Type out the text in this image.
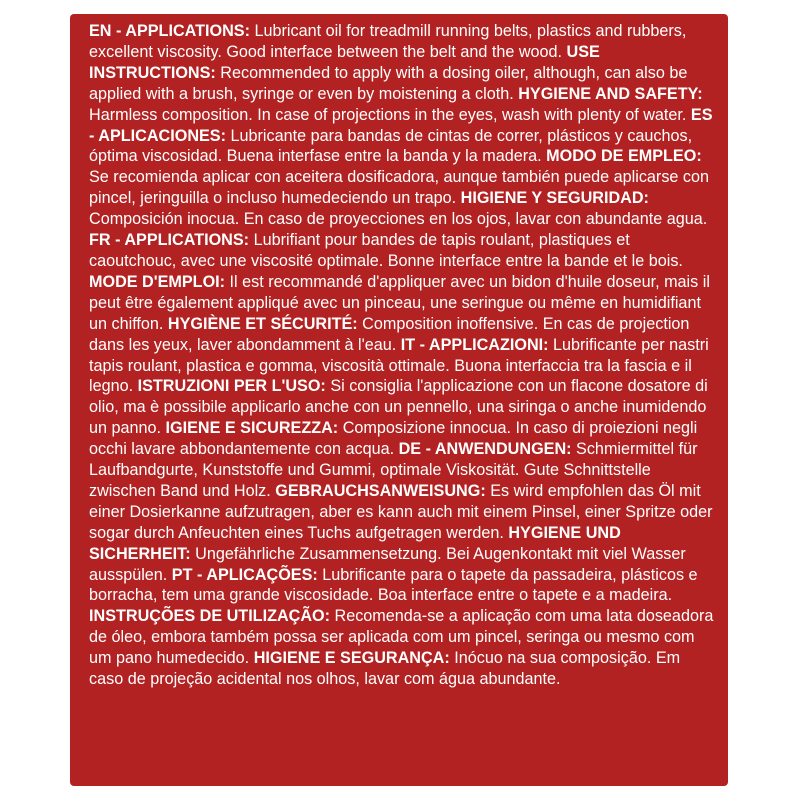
EN - APPLICATIONS: Lubricant oil for treadmill running belts, plastics and rubbers, excellent viscosity. Good interface between the belt and the wood. USE INSTRUCTIONS: Recommended to apply with a dosing oiler, although, can also be applied with a brush, syringe or even by moistening a cloth. HYGIENE AND SAFETY: Harmless composition. In case of projections in the eyes, wash with plenty of water. ES - APLICACIONES: Lubricante para bandas de cintas de correr, plásticos y cauchos, óptima viscosidad. Buena interfase entre la banda y la madera. MODO DE EMPLEO: Se recomienda aplicar con aceitera dosificadora, aunque también puede aplicarse con pincel, jeringuilla o incluso humedeciendo un trapo. HIGIENE Y SEGURIDAD: Composición inocua. En caso de proyecciones en los ojos, lavar con abundante agua. FR - APPLICATIONS: Lubrifiant pour bandes de tapis roulant, plastiques et caoutchouc, avec une viscosité optimale. Bonne interface entre la bande et le bois. MODE D'EMPLOI: Il est recommandé d'appliquer avec un bidon d'huile doseur, mais il peut être également appliqué avec un pinceau, une seringue ou même en humidifiant un chiffon. HYGIÈNE ET SÉCURITÉ: Composition inoffensive. En cas de projection dans les yeux, laver abondamment à l'eau. IT - APPLICAZIONI: Lubrificante per nastri tapis roulant, plastica e gomma, viscosità ottimale. Buona interfaccia tra la fascia e il legno. ISTRUZIONI PER L'USO: Si consiglia l'applicazione con un flacone dosatore di olio, ma è possibile applicarlo anche con un pennello, una siringa o anche inumidendo un panno. IGIENE E SICUREZZA: Composizione innocua. In caso di proiezioni negli occhi lavare abbondantemente con acqua. DE - ANWENDUNGEN: Schmiermittel für Laufbandgurte, Kunststoffe und Gummi, optimale Viskosität. Gute Schnittstelle zwischen Band und Holz. GEBRAUCHSANWEISUNG: Es wird empfohlen das Öl mit einer Dosierkanne aufzutragen, aber es kann auch mit einem Pinsel, einer Spritze oder sogar durch Anfeuchten eines Tuchs aufgetragen werden. HYGIENE UND SICHERHEIT: Ungefährliche Zusammensetzung. Bei Augenkontakt mit viel Wasser ausspülen. PT - APLICAÇÕES: Lubrificante para o tapete da passadeira, plásticos e borracha, tem uma grande viscosidade. Boa interface entre o tapete e a madeira. INSTRUÇÕES DE UTILIZAÇÃO: Recomenda-se a aplicação com uma lata doseadora de óleo, embora também possa ser aplicada com um pincel, seringa ou mesmo com um pano humedecido. HIGIENE E SEGURANÇA: Inócuo na sua composição. Em caso de projeção acidental nos olhos, lavar com água abundante.
